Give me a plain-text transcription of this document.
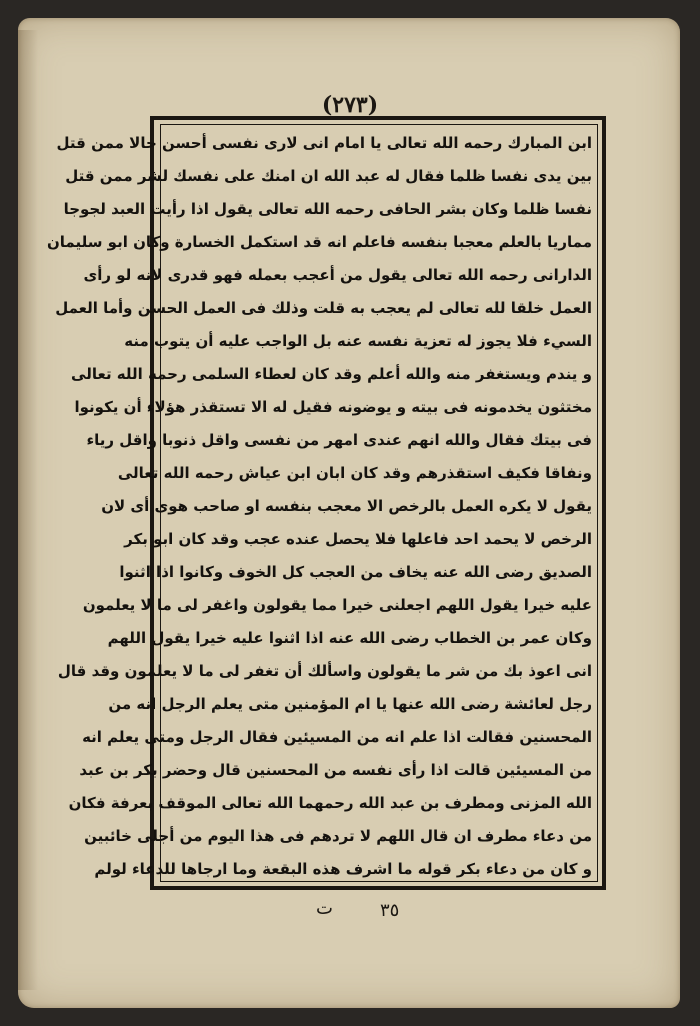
(٢٧٣)
ابن المبارك رحمه الله تعالى يا امام انى لارى نفسى أحسن حالا ممن قتل
بين يدى نفسا ظلما فقال له عبد الله ان امنك على نفسك لشر ممن قتل
نفسا ظلما وكان بشر الحافى رحمه الله تعالى يقول اذا رأيت العبد لجوجا
مماريا بالعلم معجبا بنفسه فاعلم انه قد استكمل الخسارة وكان ابو سليمان
الدارانى رحمه الله تعالى يقول من أعجب بعمله فهو قدرى لانه لو رأى
العمل خلقا لله تعالى لم يعجب به قلت وذلك فى العمل الحسن وأما العمل
السيء فلا يجوز له تعزية نفسه عنه بل الواجب عليه أن يتوب منه
و يندم ويستغفر منه والله أعلم وقد كان لعطاء السلمى رحمه الله تعالى
مختثون يخدمونه فى بيته و يوضونه فقيل له الا تستقذر هؤلاء أن يكونوا
فى بيتك فقال والله انهم عندى امهر من نفسى واقل ذنوبا واقل رياء
ونفاقا فكيف استقذرهم وقد كان ابان ابن عياش رحمه الله تعالى
يقول لا يكره العمل بالرخص الا معجب بنفسه او صاحب هوى أى لان
الرخص لا يحمد احد فاعلها فلا يحصل عنده عجب وقد كان ابو بكر
الصديق رضى الله عنه يخاف من العجب كل الخوف وكانوا اذا اثنوا
عليه خيرا يقول اللهم اجعلنى خيرا مما يقولون واغفر لى ما لا يعلمون
وكان عمر بن الخطاب رضى الله عنه اذا اثنوا عليه خيرا يقول اللهم
انى اعوذ بك من شر ما يقولون واسألك أن تغفر لى ما لا يعلمون وقد قال
رجل لعائشة رضى الله عنها يا ام المؤمنين متى يعلم الرجل انه من
المحسنين فقالت اذا علم انه من المسيئين فقال الرجل ومتى يعلم انه
من المسيئين قالت اذا رأى نفسه من المحسنين قال وحضر بكر بن عبد
الله المزنى ومطرف بن عبد الله رحمهما الله تعالى الموقف بعرفة فكان
من دعاء مطرف ان قال اللهم لا تردهم فى هذا اليوم من أجلى خائبين
و كان من دعاء بكر قوله ما اشرف هذه البقعة وما ارجاها للدعاء لولم
ت	٣٥
